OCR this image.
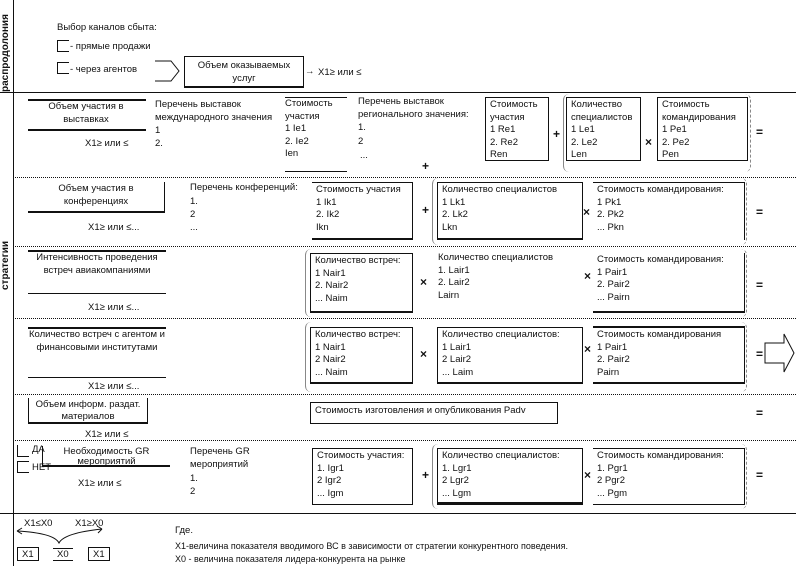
распродолония
стратегии
Выбор каналов сбыта:
- прямые продажи
- через агентов	Объем оказываемых услуг
→ X1≥ или ≤
Объем участия в выставках
X1≥ или ≤
Перечень выставок международного значения
1
2.
Стоимость участия
1 Ie1
2. Ie2
Ien
Перечень выставок регионального значения:
1.
2
...
+
Стоимость участия
1 Re1
2. Re2
Ren
+
Количество специалистов
1 Le1
2. Le2
Len
×
Стоимость командирования
1 Pe1
2. Pe2
Pen
=
Объем участия в конференциях
X1≥ или ≤...
Перечень конференций:
1.
2
...
Стоимость участия
1 Ik1
2. Ik2
Ikn
+
Количество специалистов
1 Lk1
2. Lk2
Lkn
×
Стоимость командирования:
1 Pk1
2. Pk2
... Pkn
=
Интенсивность проведения встреч авиакомпаниями
X1≥ или ≤...
Количество встреч:
1 Nair1
2. Nair2
... Naim
×
Количество специалистов
1. Lair1
2. Lair2
Lairn
×
Стоимость командирования:
1 Pair1
2. Pair2
... Pairn
=
Количество встреч с агентом и финансовыми институтами
X1≥ или ≤...
Количество встреч:
1 Nair1
2 Nair2
... Naim
×
Количество специалистов:
1 Lair1
2 Lair2
... Laim
×
Стоимость командирования
1 Pair1
2. Pair2
Pairn
=
Объем информ. раздат. материалов
X1≥ или ≤
Стоимость изготовления и опубликования Padv	=
ДА
НЕТ
Необходимость GR мероприятий
X1≥ или ≤
Перечень GR мероприятий
1.
2
Стоимость участия:
1. Igr1
2 Igr2
... Igm
+
Количество специалистов:
1. Lgr1
2 Lgr2
... Lgm
×
Стоимость командирования:
1. Pgr1
2 Pgr2
... Pgm
=
X1≤X0 X1≥X0
X1	X0	X1
Где.
X1-величина показателя вводимого ВС в зависимости от стратегии конкурентного поведения.
X0 - величина показателя лидера-конкурента на рынке
